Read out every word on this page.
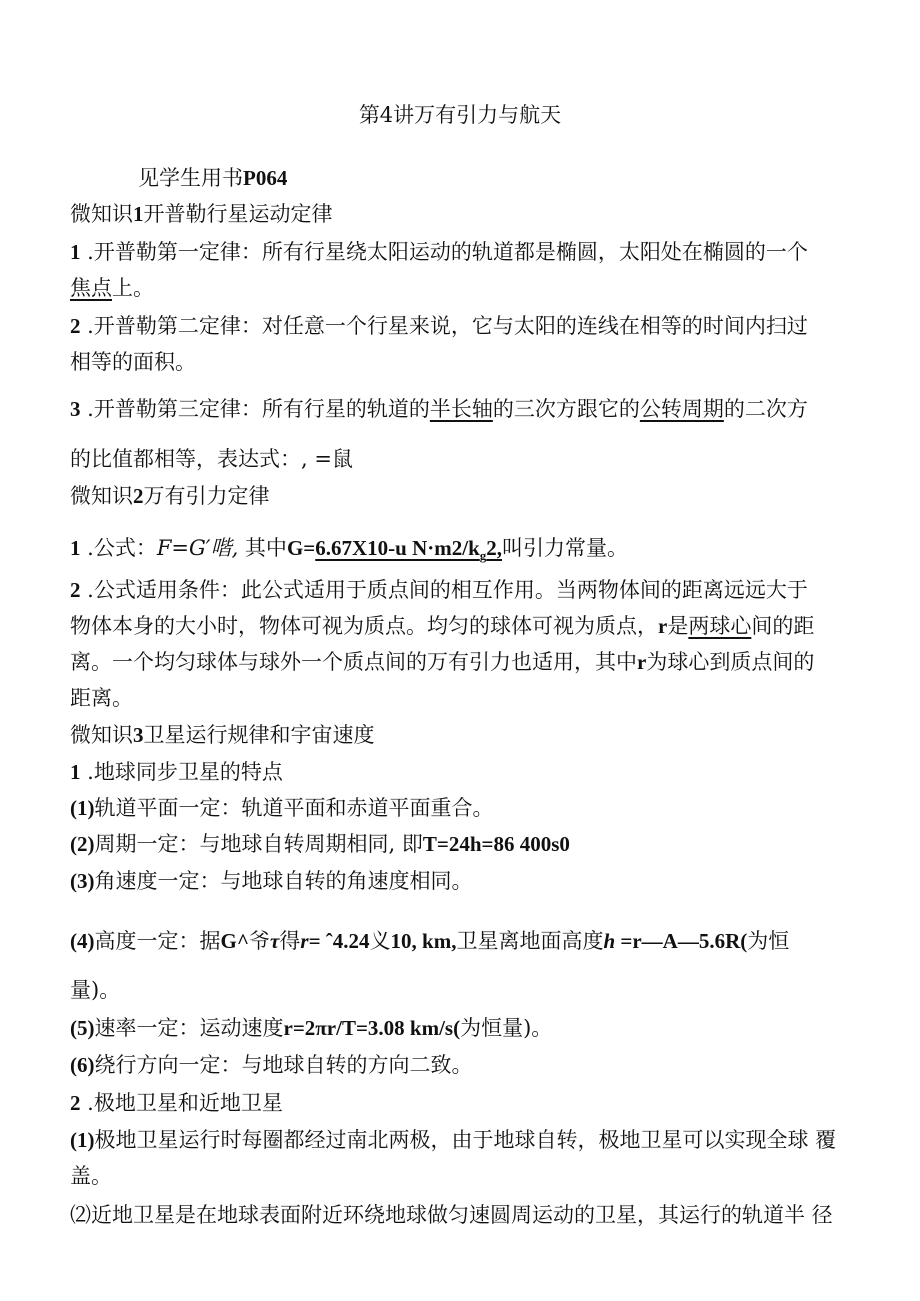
第4讲万有引力与航天
见学生用书P064
微知识1开普勒行星运动定律
1 .开普勒第一定律：所有行星绕太阳运动的轨道都是椭圆，太阳处在椭圆的一个
焦点上。
2 .开普勒第二定律：对任意一个行星来说，它与太阳的连线在相等的时间内扫过
相等的面积。
3 .开普勒第三定律：所有行星的轨道的半长轴的三次方跟它的公转周期的二次方
的比值都相等，表达式：, =鼠
微知识2万有引力定律
1 .公式：F=G′喈, 其中G=6.67X10-u $N\cdot m2/k_g2$,叫引力常量。
2 .公式适用条件：此公式适用于质点间的相互作用。当两物体间的距离远远大于
物体本身的大小时，物体可视为质点。均匀的球体可视为质点，r是两球心间的距
离。一个均匀球体与球外一个质点间的万有引力也适用，其中r为球心到质点间的
距离。
微知识3卫星运行规律和宇宙速度
1 .地球同步卫星的特点
(1)轨道平面一定：轨道平面和赤道平面重合。
(2)周期一定：与地球自转周期相同, 即T=24h=86 400s0
(3)角速度一定：与地球自转的角速度相同。
(4)高度一定：据G^爷τ得r= ˆ4.24义10, km,卫星离地面高度h =r—A—5.6R(为恒
量)。
(5)速率一定：运动速度r=2πr/T=3.08 km/s(为恒量)。
(6)绕行方向一定：与地球自转的方向二致。
2 .极地卫星和近地卫星
(1)极地卫星运行时每圈都经过南北两极，由于地球自转，极地卫星可以实现全球 覆
盖。
⑵近地卫星是在地球表面附近环绕地球做匀速圆周运动的卫星，其运行的轨道半 径
